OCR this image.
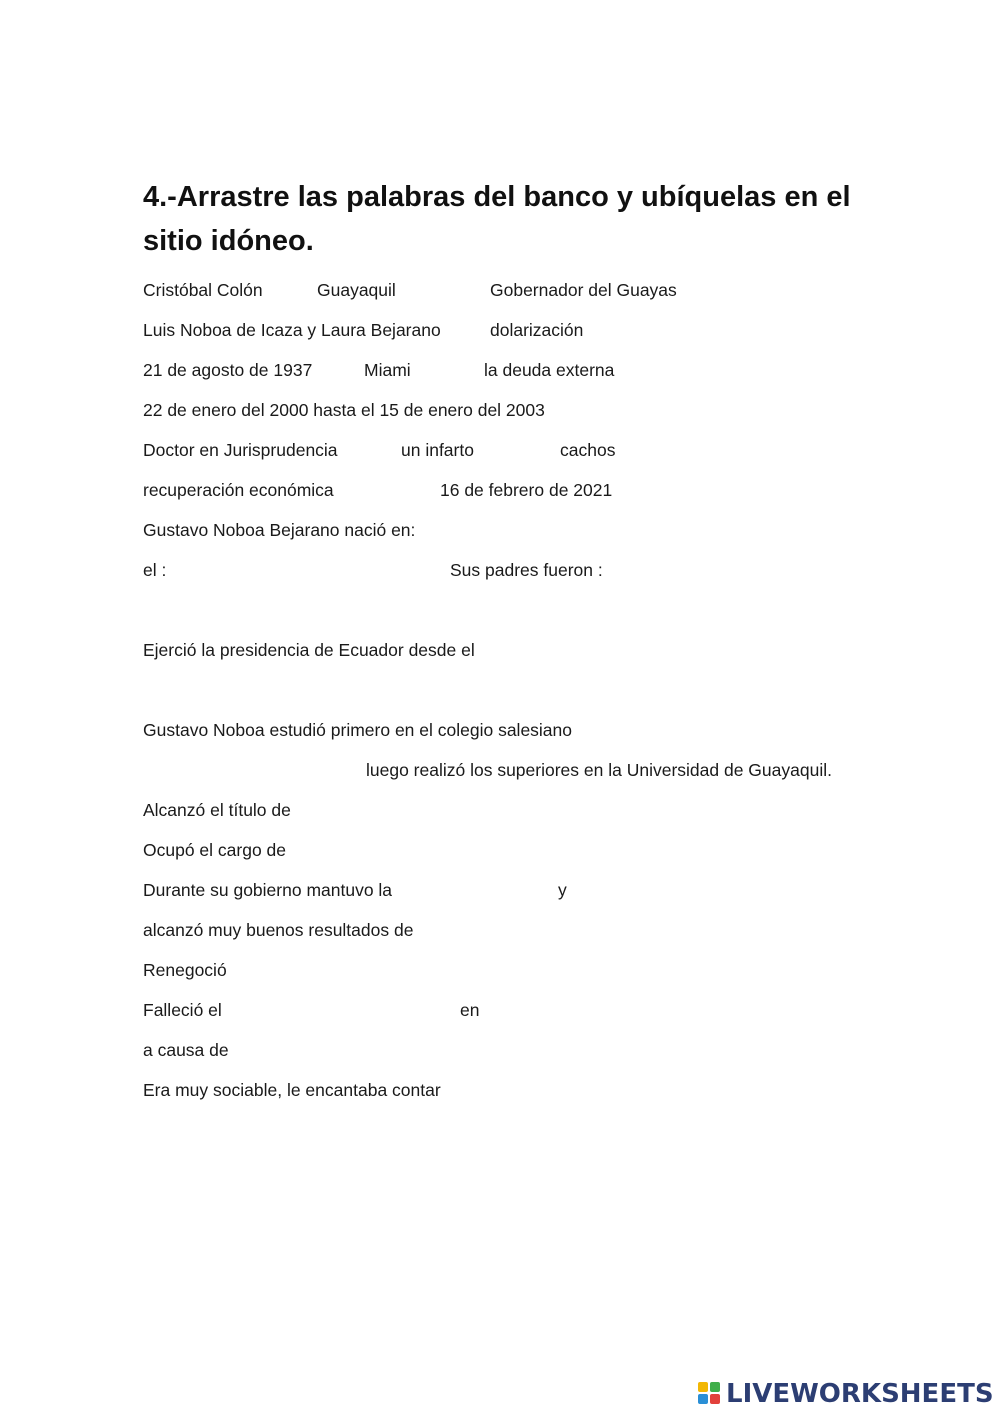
4.-Arrastre las palabras del banco y ubíquelas en el sitio idóneo.
Cristóbal Colón	Guayaquil	Gobernador del Guayas
Luis Noboa de Icaza y Laura Bejarano	dolarización
21 de agosto de 1937	Miami	la deuda externa
22 de enero del 2000 hasta el 15 de enero del 2003
Doctor en Jurisprudencia	un infarto	cachos
recuperación económica	16 de febrero de 2021
Gustavo Noboa Bejarano nació en:
el :	Sus padres fueron :
Ejerció la presidencia de Ecuador desde el
Gustavo Noboa estudió primero en el colegio salesiano
luego realizó los superiores en la Universidad de Guayaquil.
Alcanzó el título de
Ocupó el cargo de
Durante su gobierno mantuvo la	y
alcanzó muy buenos resultados de
Renegoció
Falleció el	en
a causa de
Era muy sociable, le encantaba contar
LIVEWORKSHEETS
